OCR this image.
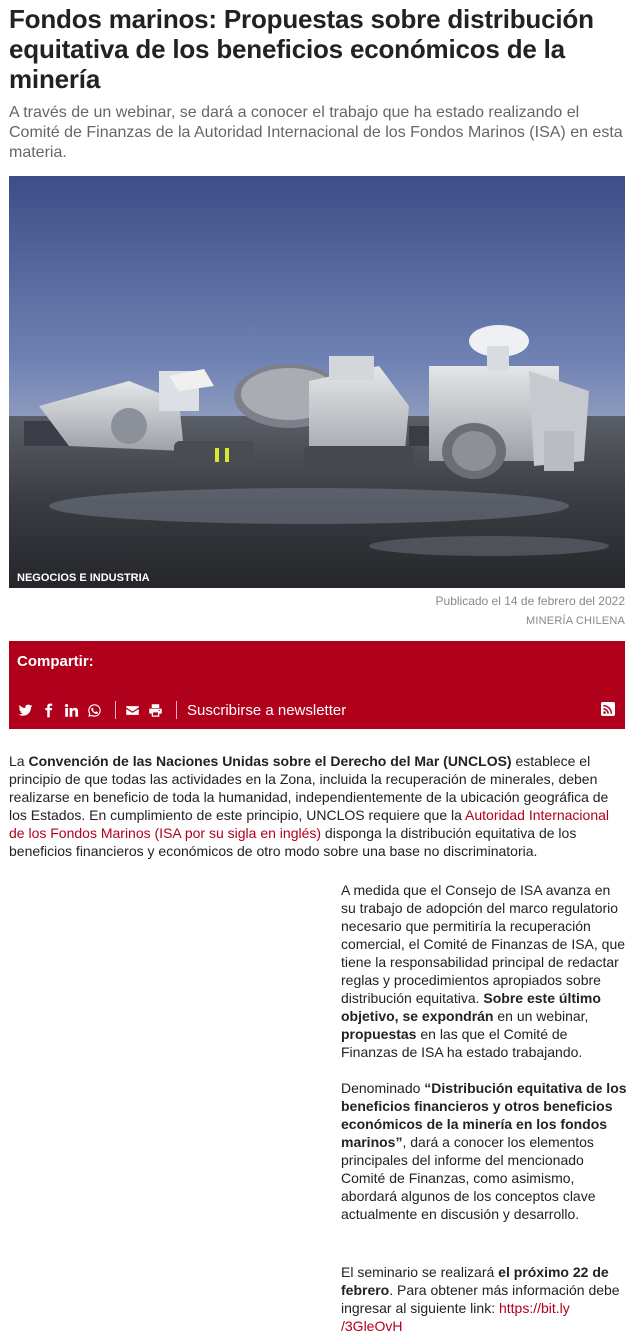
Fondos marinos: Propuestas sobre distribución equitativa de los beneficios económicos de la minería

A través de un webinar, se dará a conocer el trabajo que ha estado realizando el Comité de Finanzas de la Autoridad Internacional de los Fondos Marinos (ISA) en esta materia.

NEGOCIOS E INDUSTRIA
Publicado el 14 de febrero del 2022
MINERÍA CHILENA
Compartir:
Suscribirse a newsletter

La Convención de las Naciones Unidas sobre el Derecho del Mar (UNCLOS) establece el principio de que todas las actividades en la Zona, incluida la recuperación de minerales, deben realizarse en beneficio de toda la humanidad, independientemente de la ubicación geográfica de los Estados. En cumplimiento de este principio, UNCLOS requiere que la Autoridad Internacional de los Fondos Marinos (ISA por su sigla en inglés) disponga la distribución equitativa de los beneficios financieros y económicos de otro modo sobre una base no discriminatoria.

A medida que el Consejo de ISA avanza en su trabajo de adopción del marco regulatorio necesario que permitiría la recuperación comercial, el Comité de Finanzas de ISA, que tiene la responsabilidad principal de redactar reglas y procedimientos apropiados sobre distribución equitativa. Sobre este último objetivo, se expondrán en un webinar, propuestas en las que el Comité de Finanzas de ISA ha estado trabajando.

Denominado “Distribución equitativa de los beneficios financieros y otros beneficios económicos de la minería en los fondos marinos”, dará a conocer los elementos principales del informe del mencionado Comité de Finanzas, como asimismo, abordará algunos de los conceptos clave actualmente en discusión y desarrollo.

El seminario se realizará el próximo 22 de febrero. Para obtener más información debe ingresar al siguiente link: https://bit.ly /3GleOvH
